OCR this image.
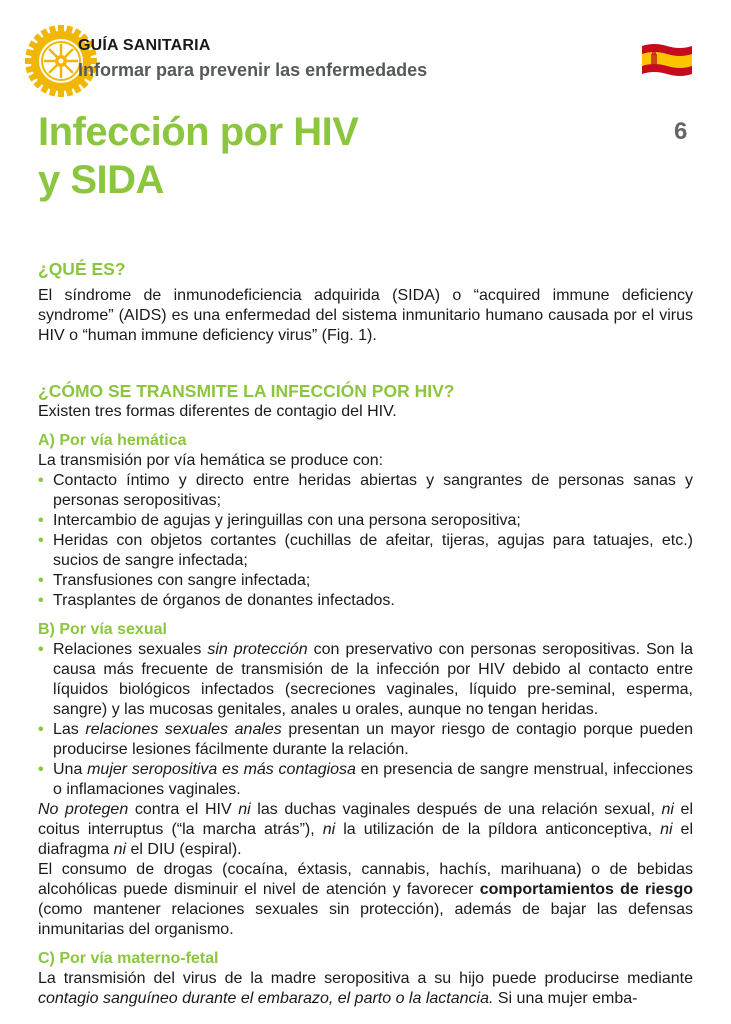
GUÍA SANITARIA
Informar para prevenir las enfermedades
Infección por HIV
y SIDA
6
¿QUÉ ES?

El síndrome de inmunodeficiencia adquirida (SIDA) o “acquired immune deficiency syndrome” (AIDS) es una enfermedad del sistema inmunitario humano causada por el virus HIV o “human immune deficiency virus” (Fig. 1).

¿CÓMO SE TRANSMITE LA INFECCIÓN POR HIV?

Existen tres formas diferentes de contagio del HIV.

A) Por vía hemática

La transmisión por vía hemática se produce con:

• Contacto íntimo y directo entre heridas abiertas y sangrantes de personas sanas y personas seropositivas;
• Intercambio de agujas y jeringuillas con una persona seropositiva;
• Heridas con objetos cortantes (cuchillas de afeitar, tijeras, agujas para tatuajes, etc.) sucios de sangre infectada;
• Transfusiones con sangre infectada;
• Trasplantes de órganos de donantes infectados.
B) Por vía sexual
• Relaciones sexuales sin protección con preservativo con personas seropositivas. Son la causa más frecuente de transmisión de la infección por HIV debido al contacto entre líquidos biológicos infectados (secreciones vaginales, líquido pre-seminal, esperma, sangre) y las mucosas genitales, anales u orales, aunque no tengan heridas.
• Las relaciones sexuales anales presentan un mayor riesgo de contagio porque pueden producirse lesiones fácilmente durante la relación.
• Una mujer seropositiva es más contagiosa en presencia de sangre menstrual, infecciones o inflamaciones vaginales.

No protegen contra el HIV ni las duchas vaginales después de una relación sexual, ni el coitus interruptus (“la marcha atrás”), ni la utilización de la píldora anticonceptiva, ni el diafragma ni el DIU (espiral).

El consumo de drogas (cocaína, éxtasis, cannabis, hachís, marihuana) o de bebidas alcohólicas puede disminuir el nivel de atención y favorecer comportamientos de riesgo (como mantener relaciones sexuales sin protección), además de bajar las defensas inmunitarias del organismo.

C) Por vía materno-fetal

La transmisión del virus de la madre seropositiva a su hijo puede producirse mediante contagio sanguíneo durante el embarazo, el parto o la lactancia. Si una mujer emba-
